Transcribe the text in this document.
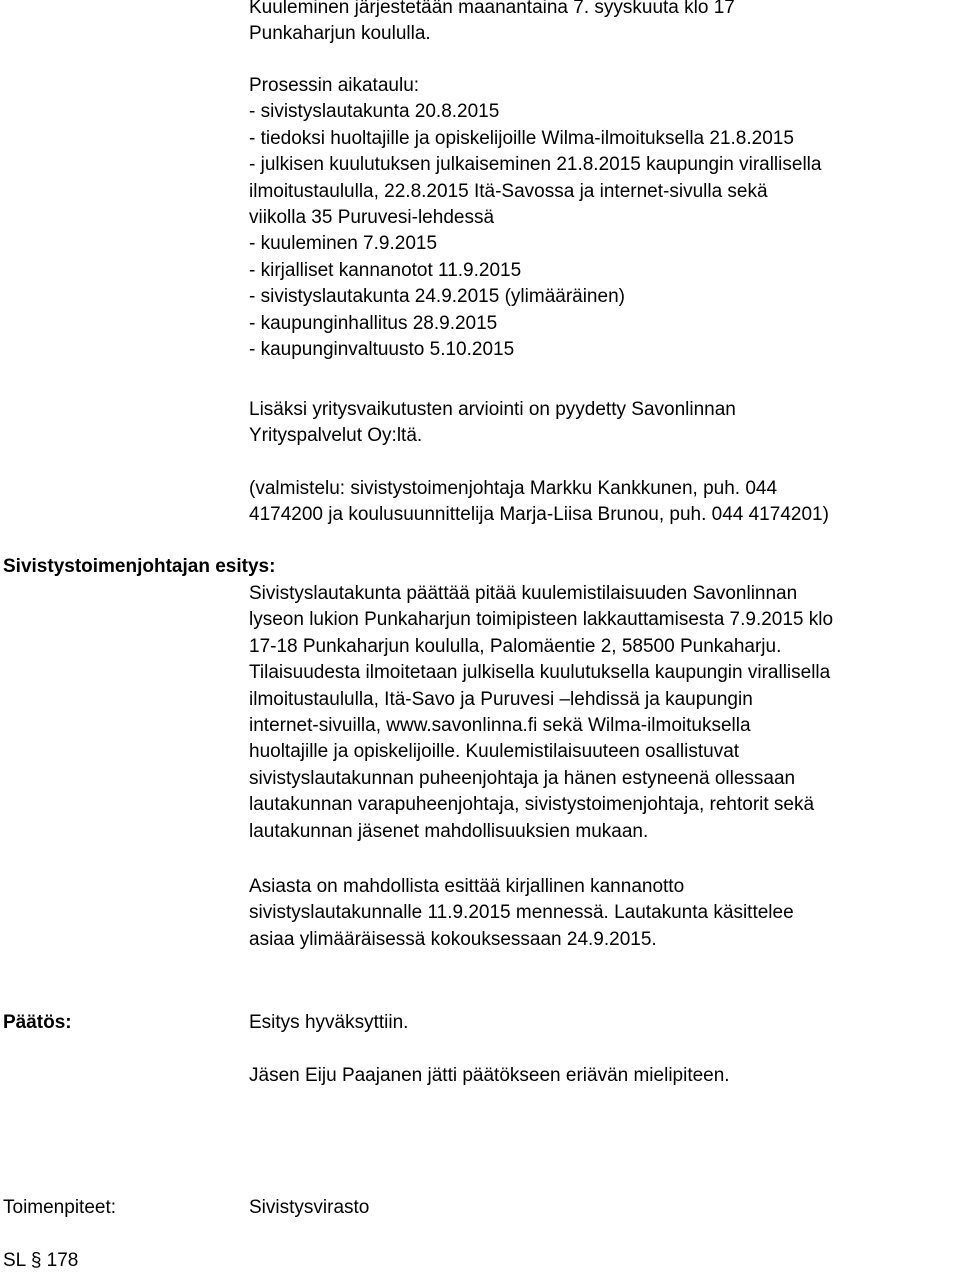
Kuuleminen järjestetään maanantaina 7. syyskuuta klo 17
Punkaharjun koululla.
Prosessin aikataulu:
- sivistyslautakunta 20.8.2015
- tiedoksi huoltajille ja opiskelijoille Wilma-ilmoituksella 21.8.2015
- julkisen kuulutuksen julkaiseminen 21.8.2015 kaupungin virallisella
ilmoitustaululla, 22.8.2015 Itä-Savossa ja internet-sivulla sekä
viikolla 35 Puruvesi-lehdessä
- kuuleminen 7.9.2015
- kirjalliset kannanotot 11.9.2015
- sivistyslautakunta 24.9.2015 (ylimääräinen)
- kaupunginhallitus 28.9.2015
- kaupunginvaltuusto 5.10.2015
Lisäksi yritysvaikutusten arviointi on pyydetty Savonlinnan
Yrityspalvelut Oy:ltä.
(valmistelu: sivistystoimenjohtaja Markku Kankkunen, puh. 044
4174200 ja koulusuunnittelija Marja-Liisa Brunou, puh. 044 4174201)
Sivistystoimenjohtajan esitys:
Sivistyslautakunta päättää pitää kuulemistilaisuuden Savonlinnan
lyseon lukion Punkaharjun toimipisteen lakkauttamisesta 7.9.2015 klo
17-18 Punkaharjun koululla, Palomäentie 2, 58500 Punkaharju.
Tilaisuudesta ilmoitetaan julkisella kuulutuksella kaupungin virallisella
ilmoitustaululla, Itä-Savo ja Puruvesi –lehdissä ja kaupungin
internet-sivuilla, www.savonlinna.fi sekä Wilma-ilmoituksella
huoltajille ja opiskelijoille. Kuulemistilaisuuteen osallistuvat
sivistyslautakunnan puheenjohtaja ja hänen estyneenä ollessaan
lautakunnan varapuheenjohtaja, sivistystoimenjohtaja, rehtorit sekä
lautakunnan jäsenet mahdollisuuksien mukaan.
Asiasta on mahdollista esittää kirjallinen kannanotto
sivistyslautakunnalle 11.9.2015 mennessä. Lautakunta käsittelee
asiaa ylimääräisessä kokouksessaan 24.9.2015.
Päätös:	Esitys hyväksyttiin.
Jäsen Eiju Paajanen jätti päätökseen eriävän mielipiteen.
Toimenpiteet:	Sivistysvirasto
SL § 178
